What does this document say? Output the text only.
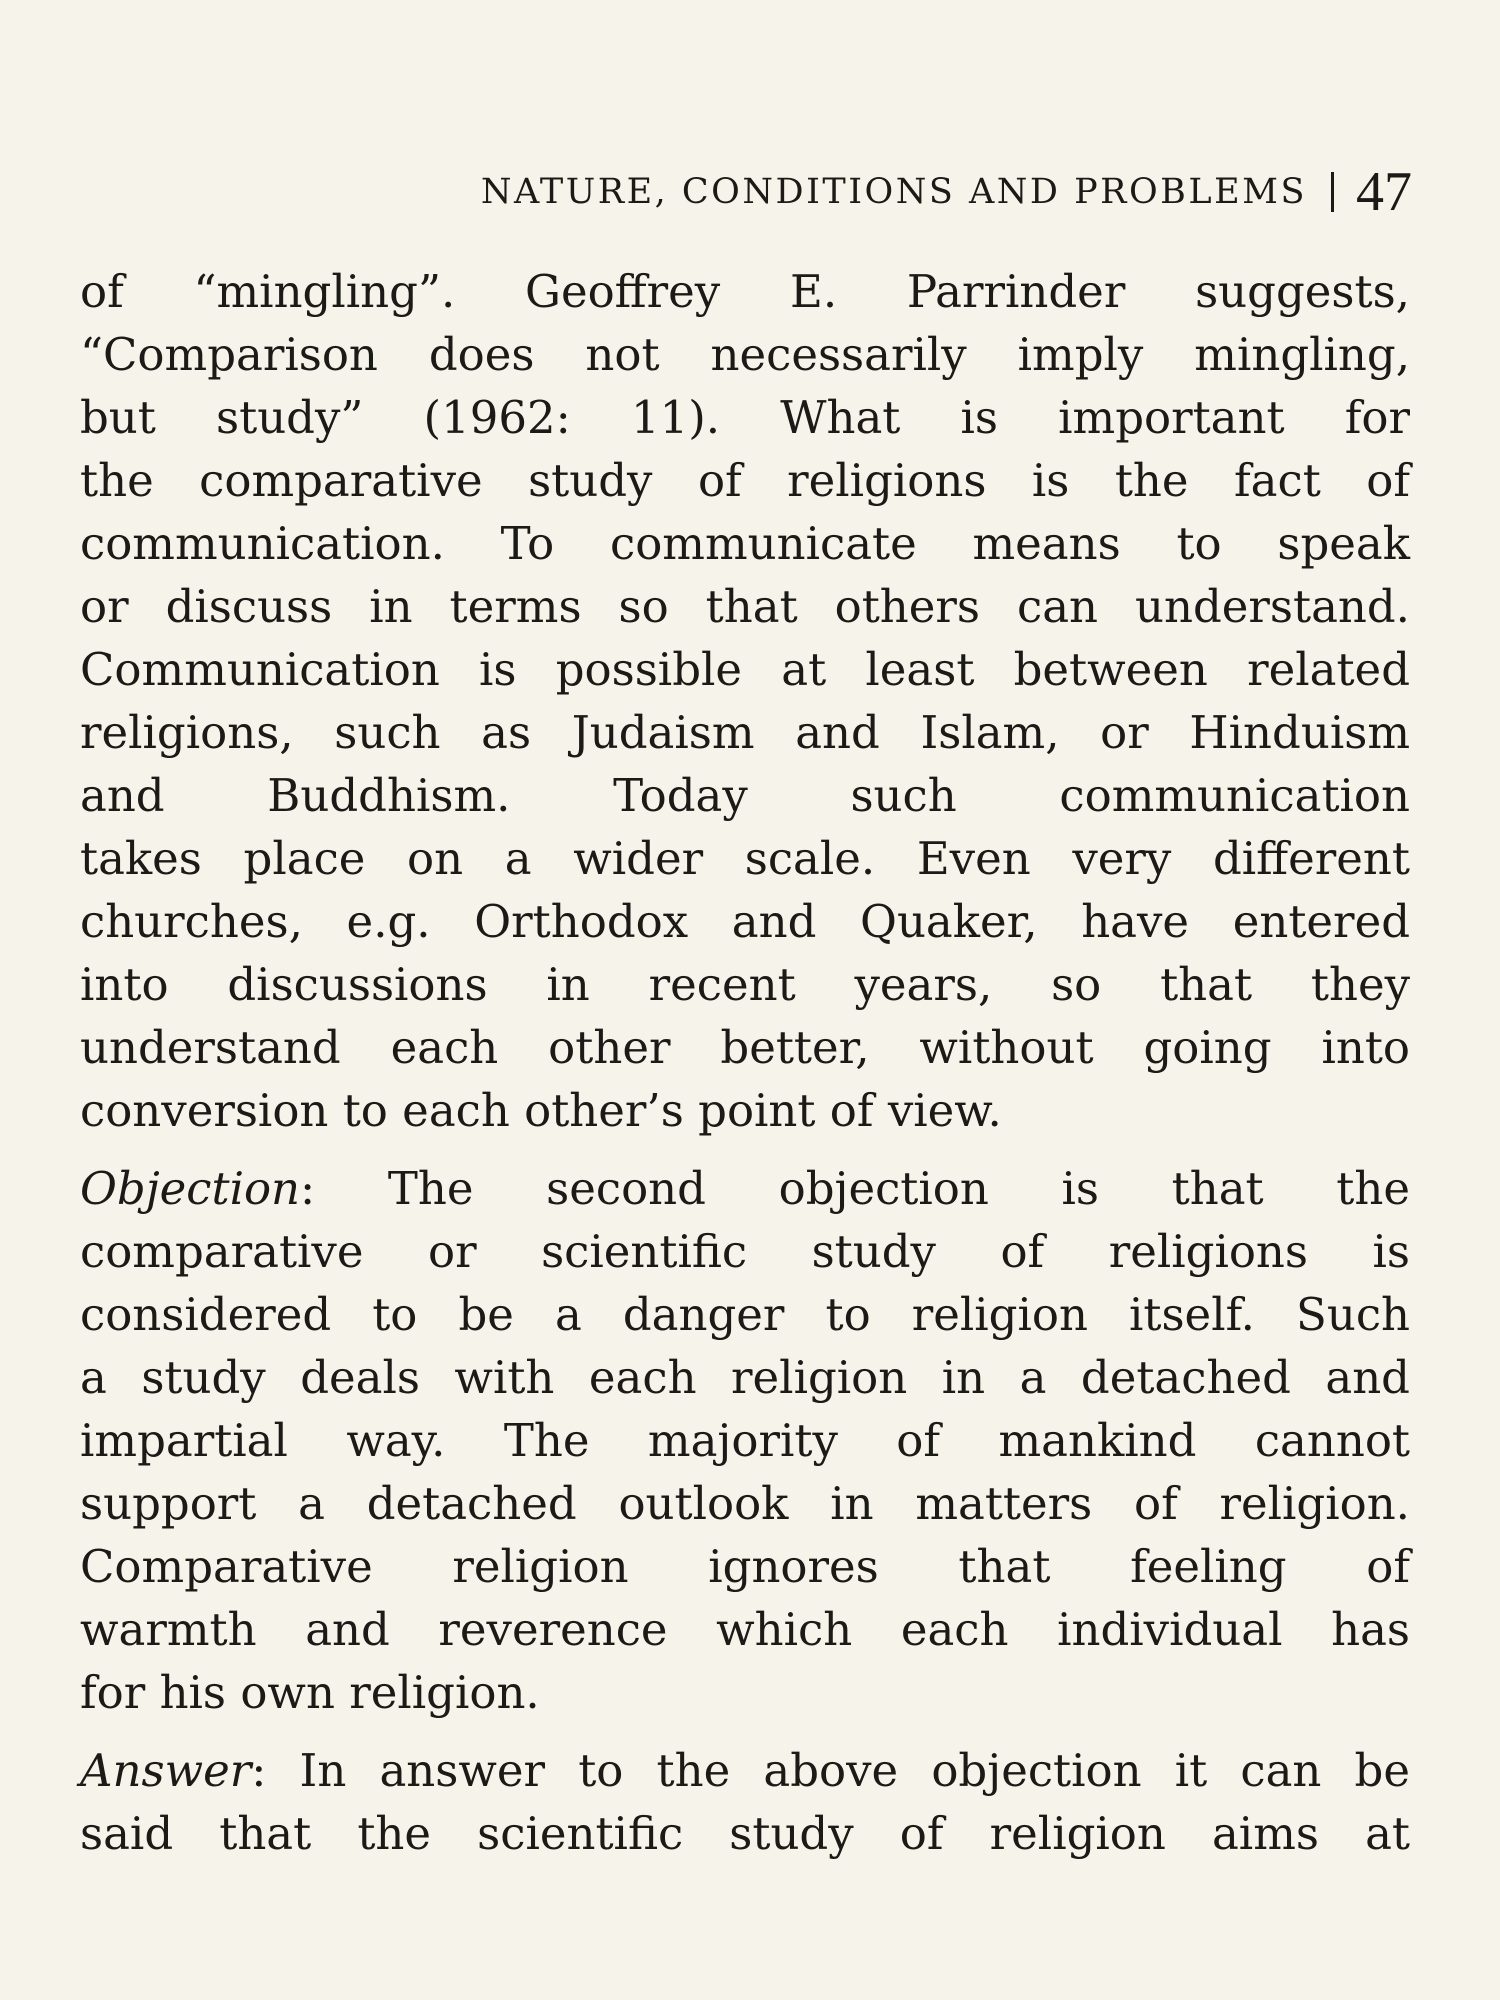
NATURE, CONDITIONS AND PROBLEMS 47
of “mingling”. Geoffrey E. Parrinder suggests,
“Comparison does not necessarily imply mingling,
but study” (1962: 11). What is important for
the comparative study of religions is the fact of
communication. To communicate means to speak
or discuss in terms so that others can understand.
Communication is possible at least between related
religions, such as Judaism and Islam, or Hinduism
and Buddhism. Today such communication
takes place on a wider scale. Even very different
churches, e.g. Orthodox and Quaker, have entered
into discussions in recent years, so that they
understand each other better, without going into
conversion to each other’s point of view.
Objection: The second objection is that the
comparative or scientific study of religions is
considered to be a danger to religion itself. Such
a study deals with each religion in a detached and
impartial way. The majority of mankind cannot
support a detached outlook in matters of religion.
Comparative religion ignores that feeling of
warmth and reverence which each individual has
for his own religion.
Answer: In answer to the above objection it can be
said that the scientific study of religion aims at
